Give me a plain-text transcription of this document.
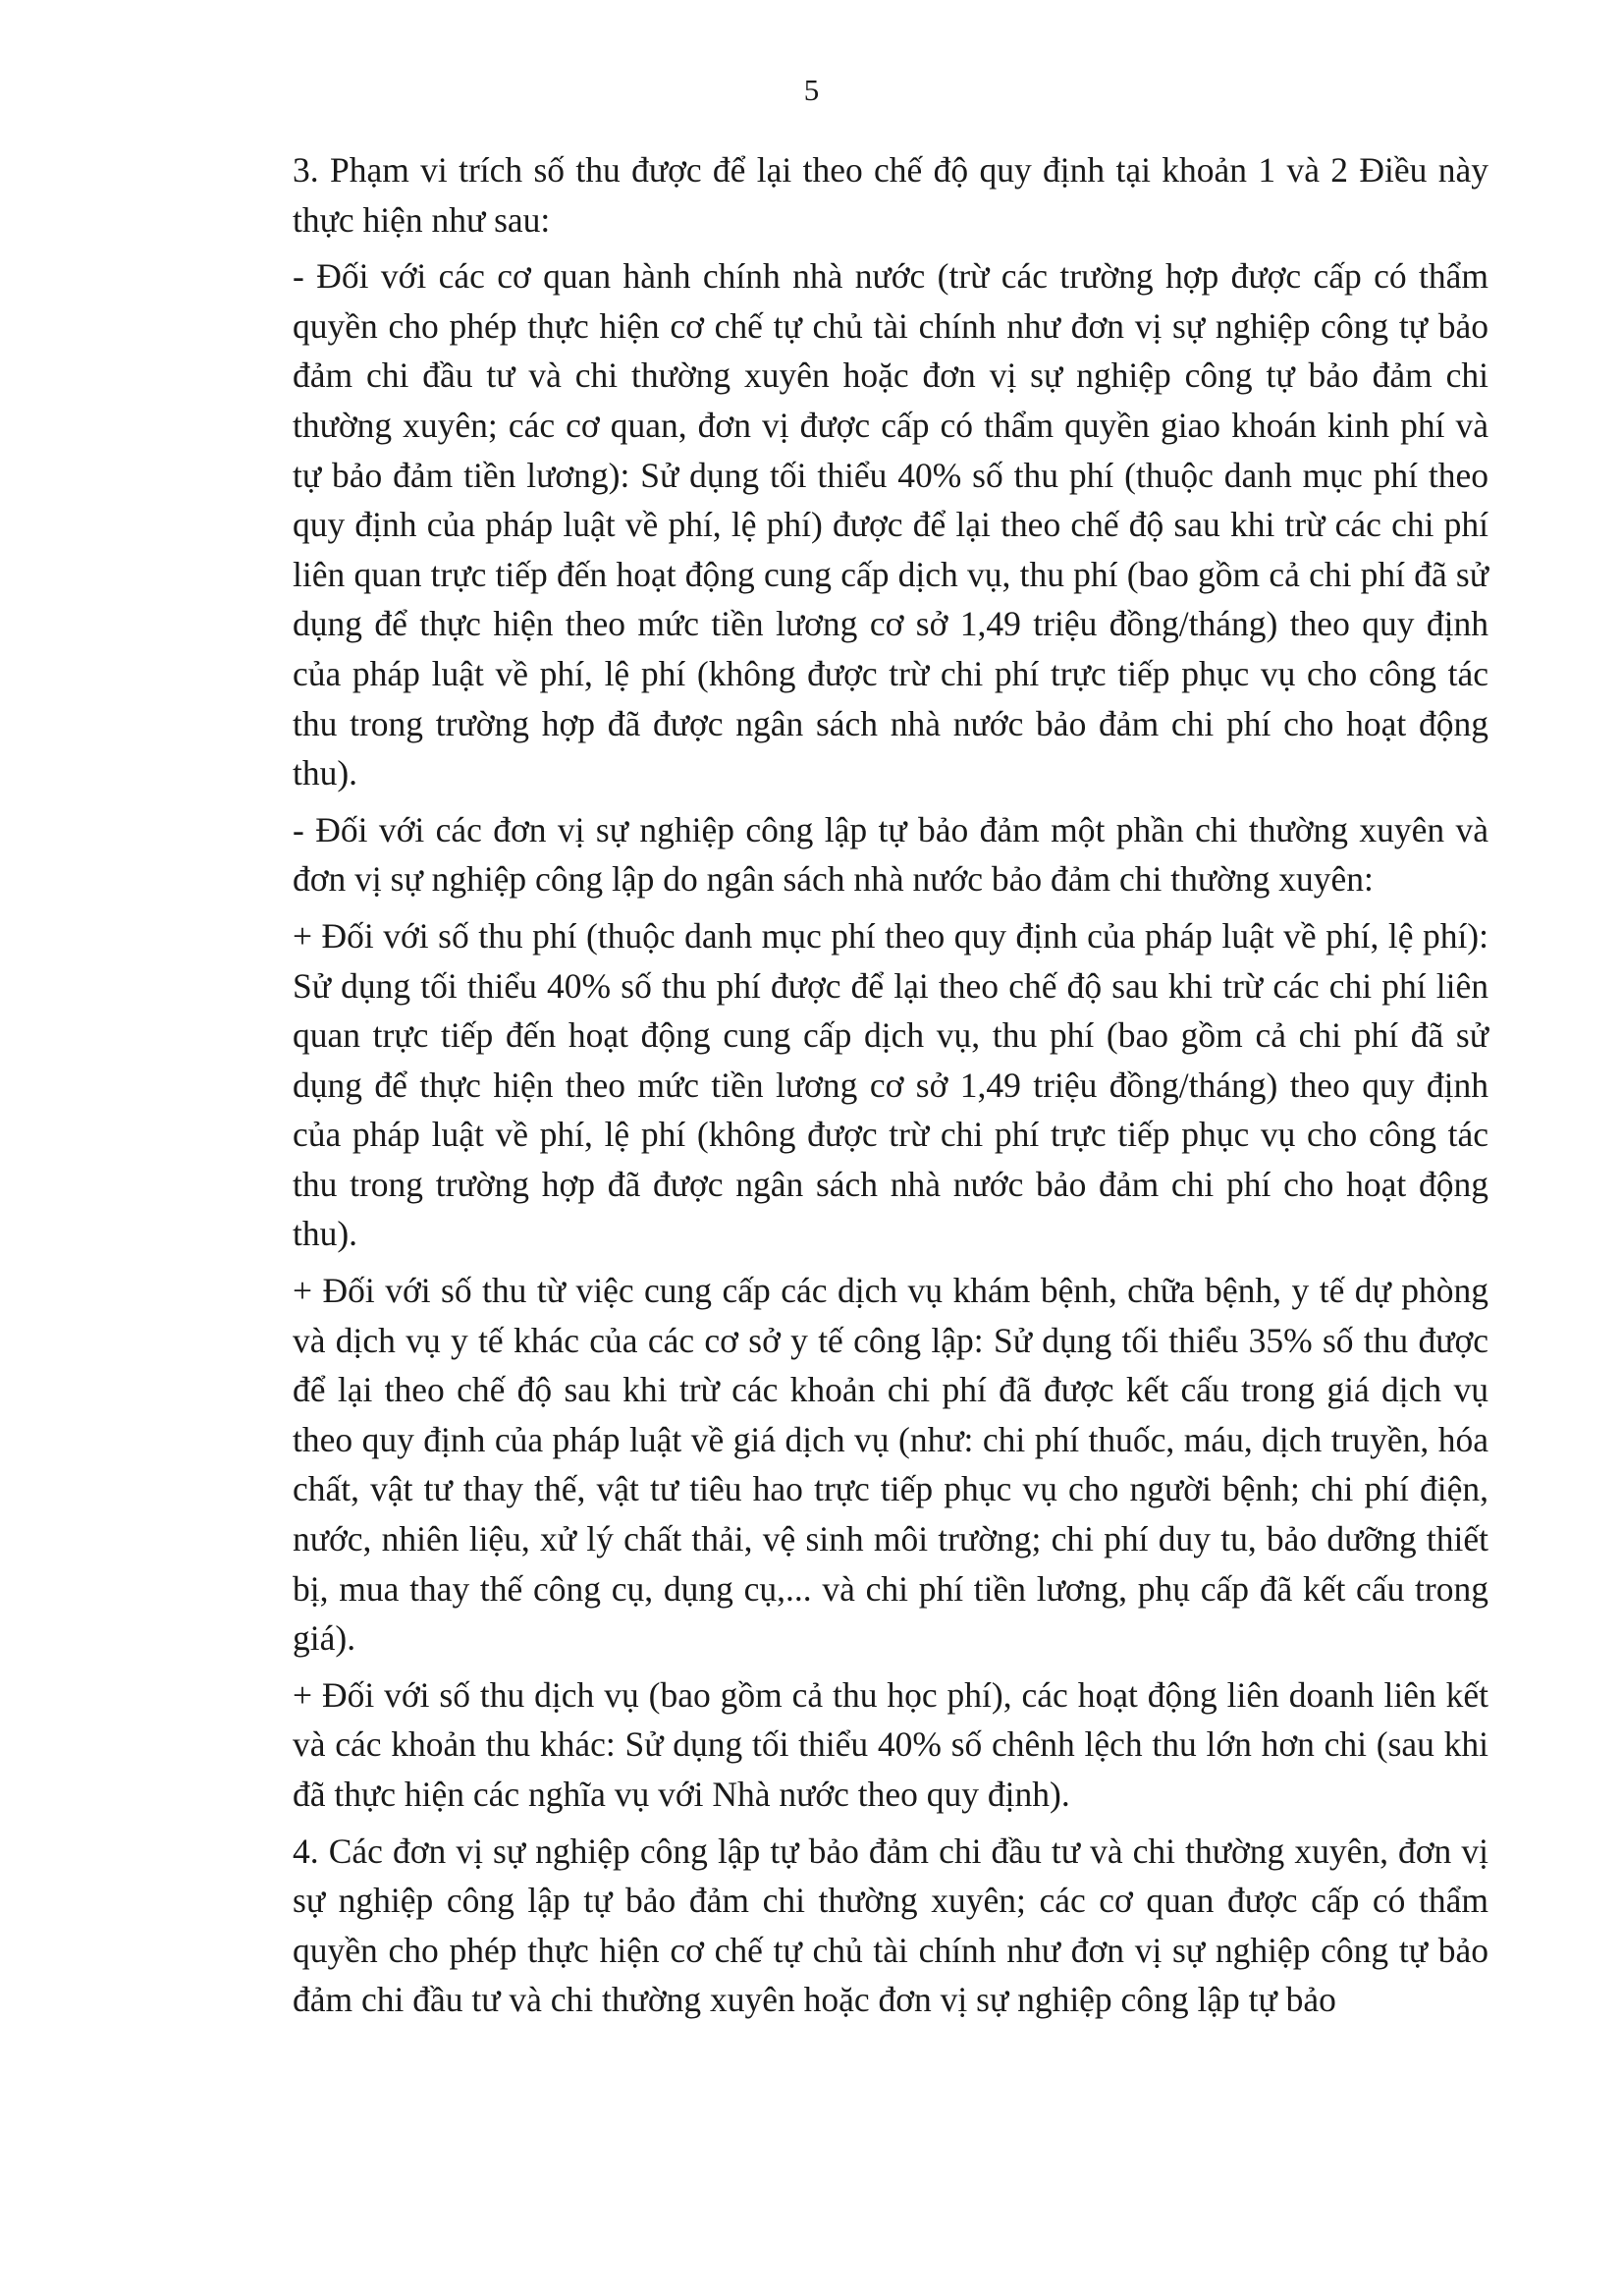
5

3. Phạm vi trích số thu được để lại theo chế độ quy định tại khoản 1 và 2 Điều này thực hiện như sau:

- Đối với các cơ quan hành chính nhà nước (trừ các trường hợp được cấp có thẩm quyền cho phép thực hiện cơ chế tự chủ tài chính như đơn vị sự nghiệp công tự bảo đảm chi đầu tư và chi thường xuyên hoặc đơn vị sự nghiệp công tự bảo đảm chi thường xuyên; các cơ quan, đơn vị được cấp có thẩm quyền giao khoán kinh phí và tự bảo đảm tiền lương): Sử dụng tối thiểu 40% số thu phí (thuộc danh mục phí theo quy định của pháp luật về phí, lệ phí) được để lại theo chế độ sau khi trừ các chi phí liên quan trực tiếp đến hoạt động cung cấp dịch vụ, thu phí (bao gồm cả chi phí đã sử dụng để thực hiện theo mức tiền lương cơ sở 1,49 triệu đồng/tháng) theo quy định của pháp luật về phí, lệ phí (không được trừ chi phí trực tiếp phục vụ cho công tác thu trong trường hợp đã được ngân sách nhà nước bảo đảm chi phí cho hoạt động thu).

- Đối với các đơn vị sự nghiệp công lập tự bảo đảm một phần chi thường xuyên và đơn vị sự nghiệp công lập do ngân sách nhà nước bảo đảm chi thường xuyên:

+ Đối với số thu phí (thuộc danh mục phí theo quy định của pháp luật về phí, lệ phí): Sử dụng tối thiểu 40% số thu phí được để lại theo chế độ sau khi trừ các chi phí liên quan trực tiếp đến hoạt động cung cấp dịch vụ, thu phí (bao gồm cả chi phí đã sử dụng để thực hiện theo mức tiền lương cơ sở 1,49 triệu đồng/tháng) theo quy định của pháp luật về phí, lệ phí (không được trừ chi phí trực tiếp phục vụ cho công tác thu trong trường hợp đã được ngân sách nhà nước bảo đảm chi phí cho hoạt động thu).

+ Đối với số thu từ việc cung cấp các dịch vụ khám bệnh, chữa bệnh, y tế dự phòng và dịch vụ y tế khác của các cơ sở y tế công lập: Sử dụng tối thiểu 35% số thu được để lại theo chế độ sau khi trừ các khoản chi phí đã được kết cấu trong giá dịch vụ theo quy định của pháp luật về giá dịch vụ (như: chi phí thuốc, máu, dịch truyền, hóa chất, vật tư thay thế, vật tư tiêu hao trực tiếp phục vụ cho người bệnh; chi phí điện, nước, nhiên liệu, xử lý chất thải, vệ sinh môi trường; chi phí duy tu, bảo dưỡng thiết bị, mua thay thế công cụ, dụng cụ,... và chi phí tiền lương, phụ cấp đã kết cấu trong giá).

+ Đối với số thu dịch vụ (bao gồm cả thu học phí), các hoạt động liên doanh liên kết và các khoản thu khác: Sử dụng tối thiểu 40% số chênh lệch thu lớn hơn chi (sau khi đã thực hiện các nghĩa vụ với Nhà nước theo quy định).

4. Các đơn vị sự nghiệp công lập tự bảo đảm chi đầu tư và chi thường xuyên, đơn vị sự nghiệp công lập tự bảo đảm chi thường xuyên; các cơ quan được cấp có thẩm quyền cho phép thực hiện cơ chế tự chủ tài chính như đơn vị sự nghiệp công tự bảo đảm chi đầu tư và chi thường xuyên hoặc đơn vị sự nghiệp công lập tự bảo
